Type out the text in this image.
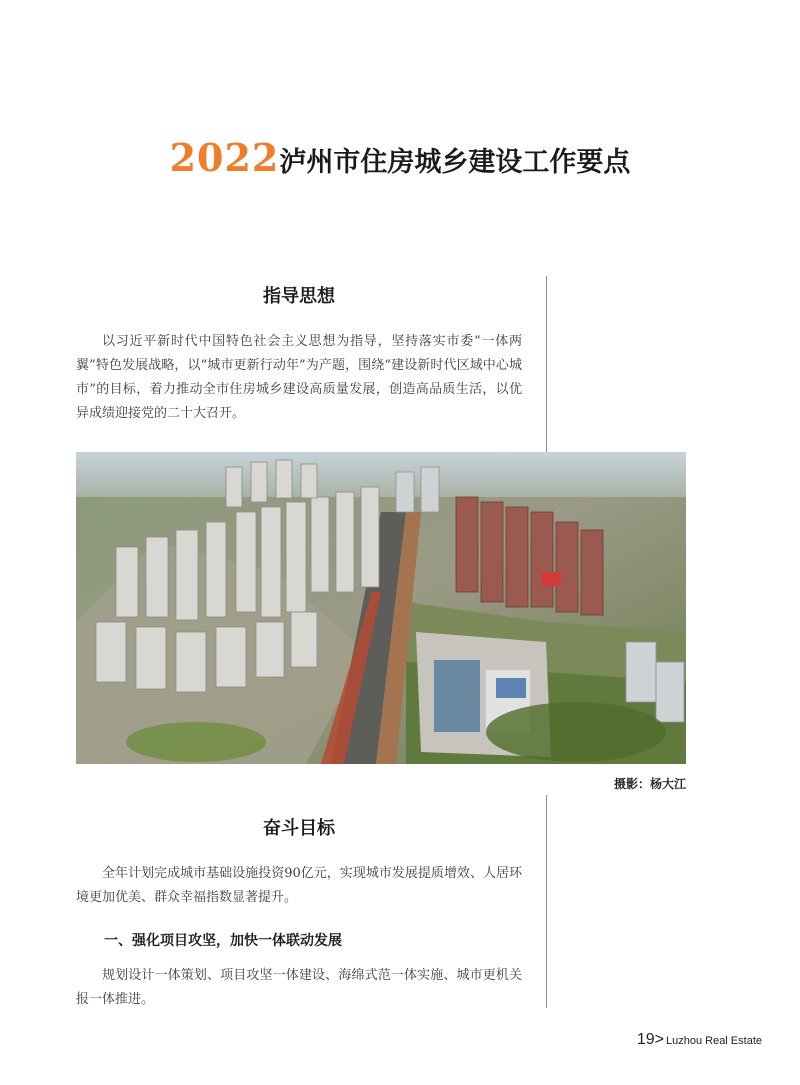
2022泸州市住房城乡建设工作要点
指导思想
以习近平新时代中国特色社会主义思想为指导，坚持落实市委“一体两翼”特色发展战略，以“城市更新行动年”为产题，围绕“建设新时代区域中心城市”的目标，着力推动全市住房城乡建设高质量发展，创造高品质生活，以优异成绩迎接党的二十大召开。
摄影：杨大江
奋斗目标
全年计划完成城市基础设施投资90亿元，实现城市发展提质增效、人居环境更加优美、群众幸福指数显著提升。
一、强化项目攻坚，加快一体联动发展
规划设计一体策划、项目攻坚一体建设、海绵式范一体实施、城市更机关报一体推进。
19> Luzhou Real Estate
